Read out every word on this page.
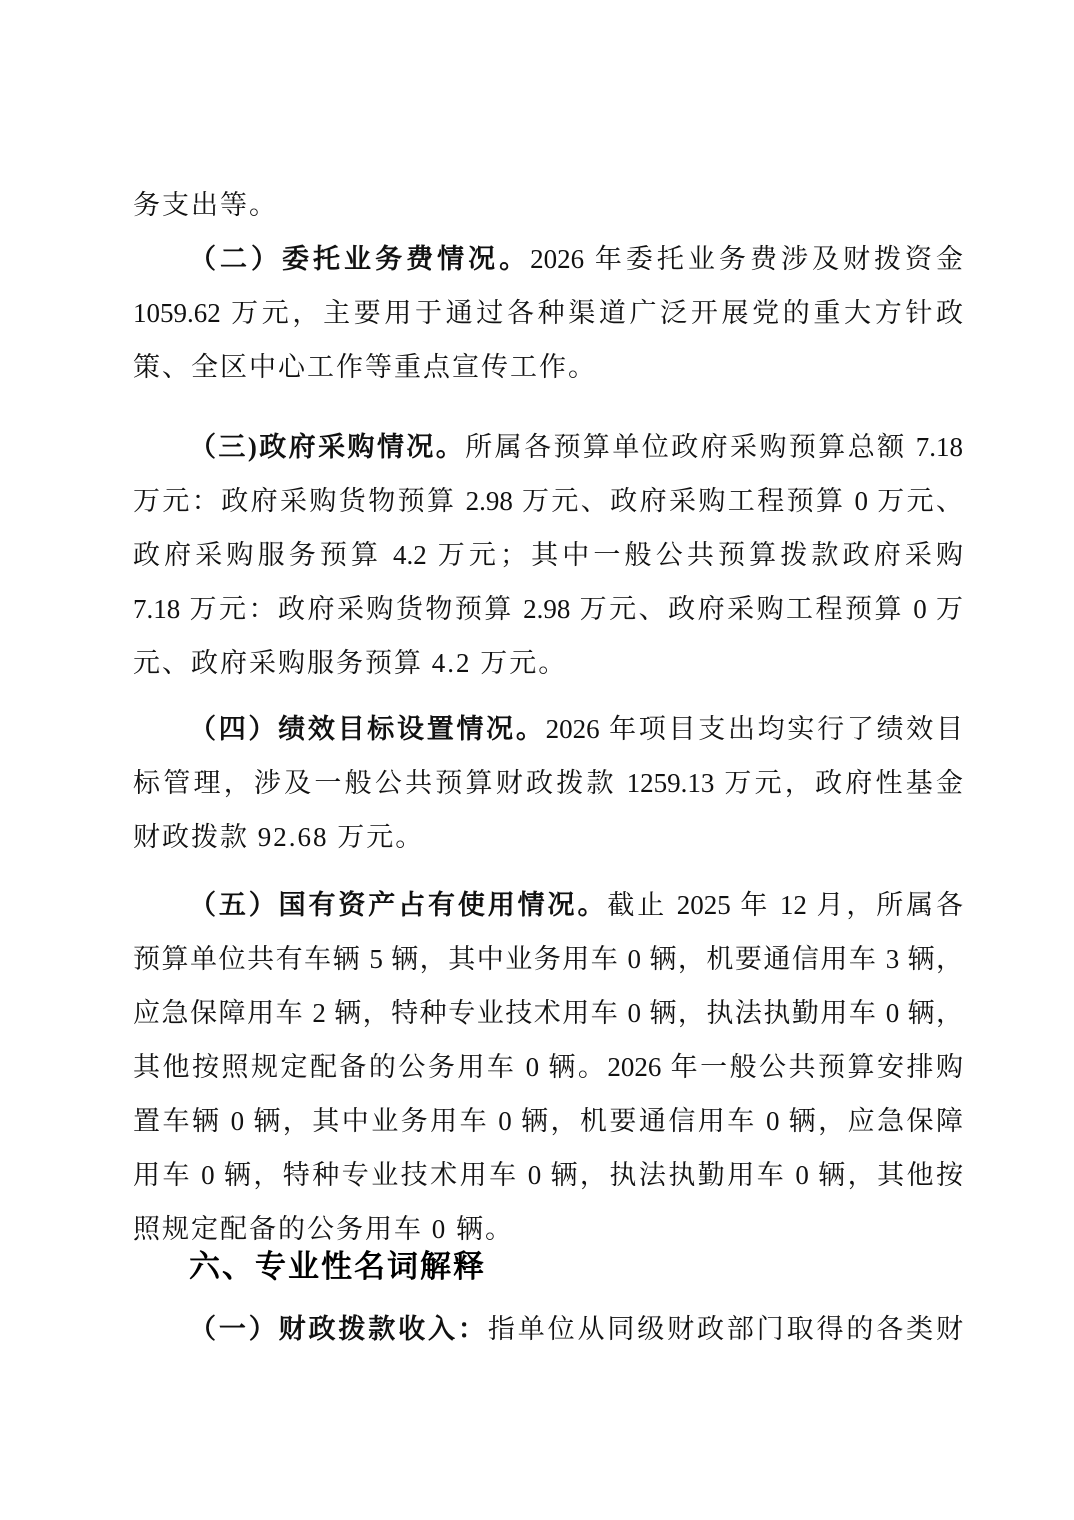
务支出等。
（二）委托业务费情况。2026 年委托业务费涉及财拨资金
1059.62 万元，主要用于通过各种渠道广泛开展党的重大方针政
策、全区中心工作等重点宣传工作。
（三)政府采购情况。所属各预算单位政府采购预算总额 7.18
万元：政府采购货物预算 2.98 万元、政府采购工程预算 0 万元、
政府采购服务预算 4.2 万元；其中一般公共预算拨款政府采购
7.18 万元：政府采购货物预算 2.98 万元、政府采购工程预算 0 万
元、政府采购服务预算 4.2 万元。
（四）绩效目标设置情况。2026 年项目支出均实行了绩效目
标管理，涉及一般公共预算财政拨款 1259.13 万元，政府性基金
财政拨款 92.68 万元。
（五）国有资产占有使用情况。截止 2025 年 12 月，所属各
预算单位共有车辆 5 辆，其中业务用车 0 辆，机要通信用车 3 辆，
应急保障用车 2 辆，特种专业技术用车 0 辆，执法执勤用车 0 辆，
其他按照规定配备的公务用车 0 辆。2026 年一般公共预算安排购
置车辆 0 辆，其中业务用车 0 辆，机要通信用车 0 辆，应急保障
用车 0 辆，特种专业技术用车 0 辆，执法执勤用车 0 辆，其他按
照规定配备的公务用车 0 辆。
六、专业性名词解释
（一）财政拨款收入：指单位从同级财政部门取得的各类财
